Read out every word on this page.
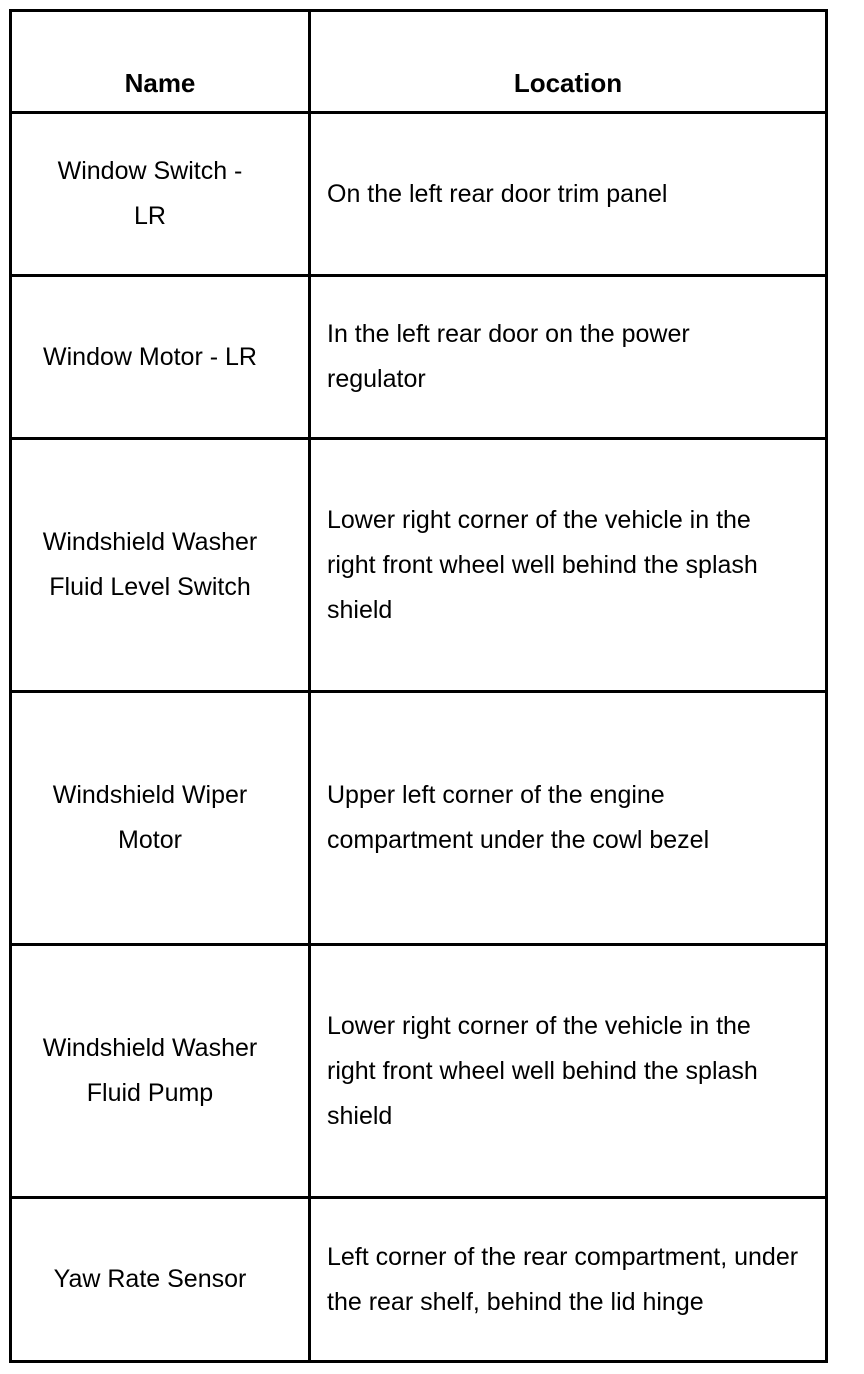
Name	Location

Window Switch - LR	On the left rear door trim panel

Window Motor - LR	In the left rear door on the power regulator

Windshield Washer Fluid Level Switch	Lower right corner of the vehicle in the right front wheel well behind the splash shield

Windshield Wiper Motor	Upper left corner of the engine compartment under the cowl bezel

Windshield Washer Fluid Pump	Lower right corner of the vehicle in the right front wheel well behind the splash shield

Yaw Rate Sensor	Left corner of the rear compartment, under the rear shelf, behind the lid hinge
